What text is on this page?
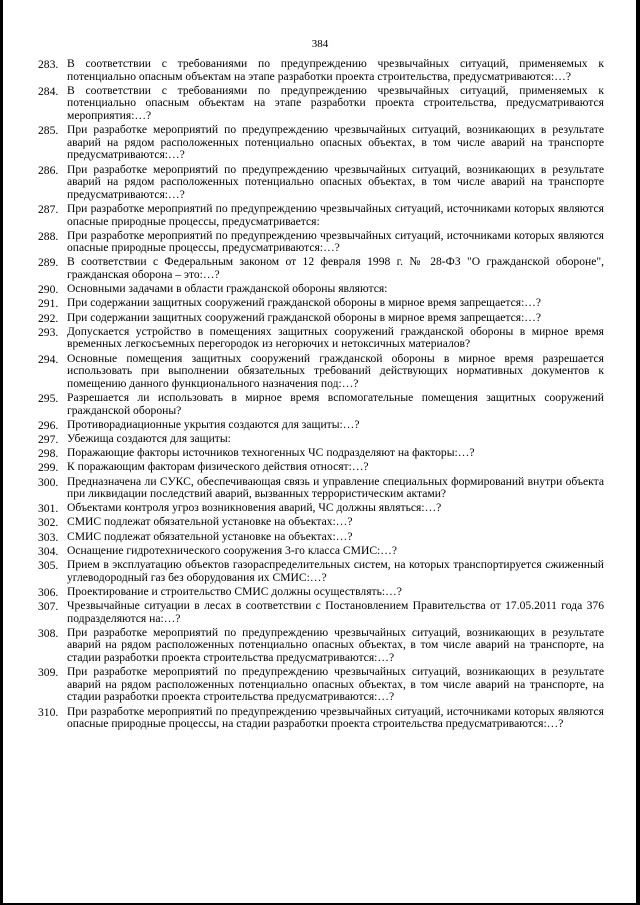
384
283. В соответствии с требованиями по предупреждению чрезвычайных ситуаций, применяемых к потенциально опасным объектам на этапе разработки проекта строительства, предусматриваются:…?
284. В соответствии с требованиями по предупреждению чрезвычайных ситуаций, применяемых к потенциально опасным объектам на этапе разработки проекта строительства, предусматриваются мероприятия:…?
285. При разработке мероприятий по предупреждению чрезвычайных ситуаций, возникающих в результате аварий на рядом расположенных потенциально опасных объектах, в том числе аварий на транспорте предусматриваются:…?
286. При разработке мероприятий по предупреждению чрезвычайных ситуаций, возникающих в результате аварий на рядом расположенных потенциально опасных объектах, в том числе аварий на транспорте предусматриваются:…?
287. При разработке мероприятий по предупреждению чрезвычайных ситуаций, источниками которых являются опасные природные процессы, предусматривается:
288. При разработке мероприятий по предупреждению чрезвычайных ситуаций, источниками которых являются опасные природные процессы, предусматриваются:…?
289. В соответствии с Федеральным законом от 12 февраля 1998 г. № 28-ФЗ "О гражданской обороне", гражданская оборона – это:…?
290. Основными задачами в области гражданской обороны являются:
291. При содержании защитных сооружений гражданской обороны в мирное время запрещается:…?
292. При содержании защитных сооружений гражданской обороны в мирное время запрещается:…?
293. Допускается устройство в помещениях защитных сооружений гражданской обороны в мирное время временных легкосъемных перегородок из негорючих и нетоксичных материалов?
294. Основные помещения защитных сооружений гражданской обороны в мирное время разрешается использовать при выполнении обязательных требований действующих нормативных документов к помещению данного функционального назначения под:…?
295. Разрешается ли использовать в мирное время вспомогательные помещения защитных сооружений гражданской обороны?
296. Противорадиационные укрытия создаются для защиты:…?
297. Убежища создаются для защиты:
298. Поражающие факторы источников техногенных ЧС подразделяют на факторы:…?
299. К поражающим факторам физического действия относят:…?
300. Предназначена ли СУКС, обеспечивающая связь и управление специальных формирований внутри объекта при ликвидации последствий аварий, вызванных террористическим актами?
301. Объектами контроля угроз возникновения аварий, ЧС должны являться:…?
302. СМИС подлежат обязательной установке на объектах:…?
303. СМИС подлежат обязательной установке на объектах:…?
304. Оснащение гидротехнического сооружения 3-го класса СМИС:…?
305. Прием в эксплуатацию объектов газораспределительных систем, на которых транспортируется сжиженный углеводородный газ без оборудования их СМИС:…?
306. Проектирование и строительство СМИС должны осуществлять:…?
307. Чрезвычайные ситуации в лесах в соответствии с Постановлением Правительства от 17.05.2011 года 376 подразделяются на:…?
308. При разработке мероприятий по предупреждению чрезвычайных ситуаций, возникающих в результате аварий на рядом расположенных потенциально опасных объектах, в том числе аварий на транспорте, на стадии разработки проекта строительства предусматриваются:…?
309. При разработке мероприятий по предупреждению чрезвычайных ситуаций, возникающих в результате аварий на рядом расположенных потенциально опасных объектах, в том числе аварий на транспорте, на стадии разработки проекта строительства предусматриваются:…?
310. При разработке мероприятий по предупреждению чрезвычайных ситуаций, источниками которых являются опасные природные процессы, на стадии разработки проекта строительства предусматриваются:…?
